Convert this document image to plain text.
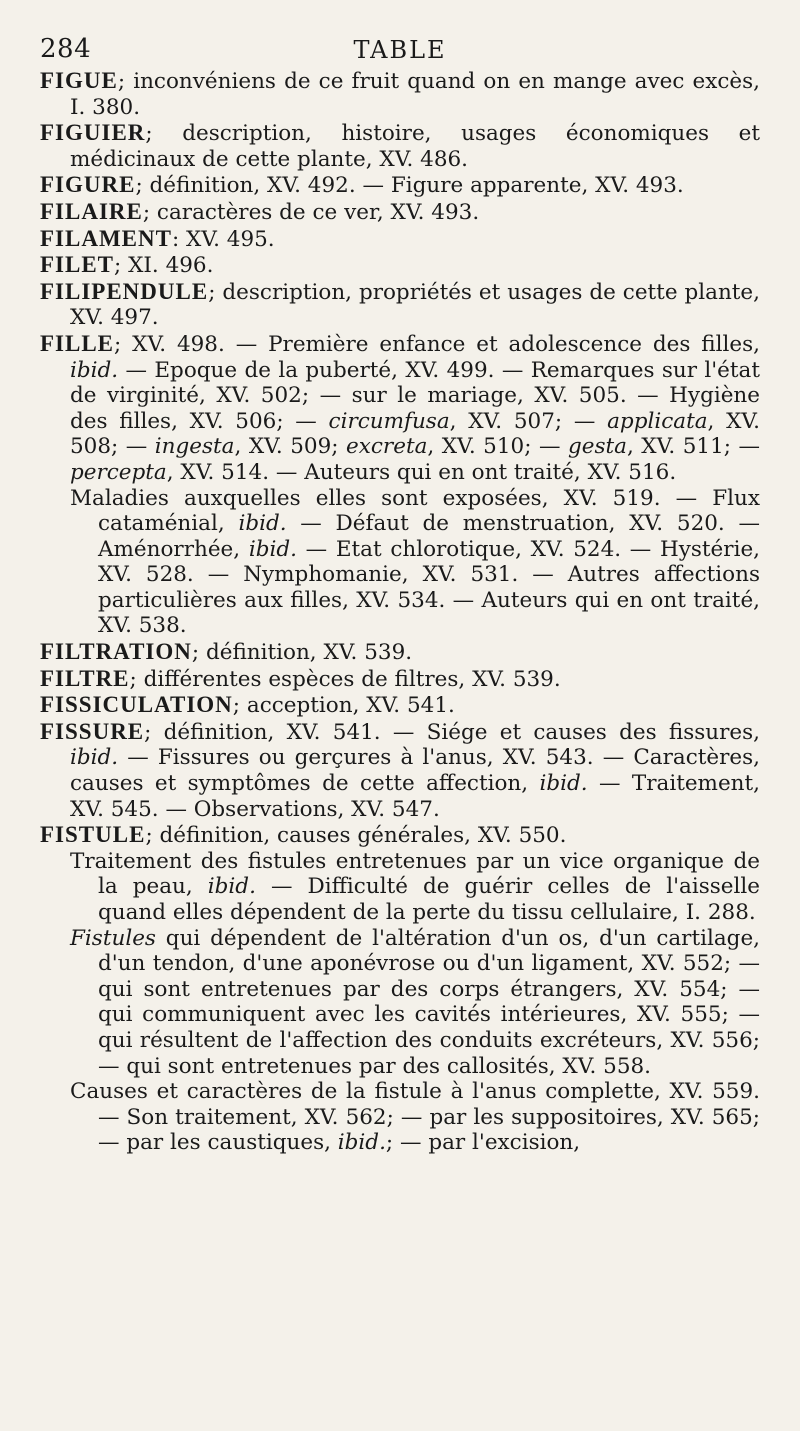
284	TABLE

FIGUE; inconvéniens de ce fruit quand on en mange avec excès, I. 380.

FIGUIER; description, histoire, usages économiques et médicinaux de cette plante, XV. 486.

FIGURE; définition, XV. 492. — Figure apparente, XV. 493.

FILAIRE; caractères de ce ver, XV. 493.

FILAMENT: XV. 495.

FILET; XI. 496.

FILIPENDULE; description, propriétés et usages de cette plante, XV. 497.

FILLE; XV. 498. — Première enfance et adolescence des filles, ibid. — Epoque de la puberté, XV. 499. — Remarques sur l'état de virginité, XV. 502; — sur le mariage, XV. 505. — Hygiène des filles, XV. 506; — circumfusa, XV. 507; — applicata, XV. 508; — ingesta, XV. 509; excreta, XV. 510; — gesta, XV. 511; — percepta, XV. 514. — Auteurs qui en ont traité, XV. 516.

Maladies auxquelles elles sont exposées, XV. 519. — Flux cataménial, ibid. — Défaut de menstruation, XV. 520. — Aménorrhée, ibid. — Etat chlorotique, XV. 524. — Hystérie, XV. 528. — Nymphomanie, XV. 531. — Autres affections particulières aux filles, XV. 534. — Auteurs qui en ont traité, XV. 538.

FILTRATION; définition, XV. 539.

FILTRE; différentes espèces de filtres, XV. 539.

FISSICULATION; acception, XV. 541.

FISSURE; définition, XV. 541. — Siége et causes des fissures, ibid. — Fissures ou gerçures à l'anus, XV. 543. — Caractères, causes et symptômes de cette affection, ibid. — Traitement, XV. 545. — Observations, XV. 547.

FISTULE; définition, causes générales, XV. 550.

Traitement des fistules entretenues par un vice organique de la peau, ibid. — Difficulté de guérir celles de l'aisselle quand elles dépendent de la perte du tissu cellulaire, I. 288.

Fistules qui dépendent de l'altération d'un os, d'un cartilage, d'un tendon, d'une aponévrose ou d'un ligament, XV. 552; — qui sont entretenues par des corps étrangers, XV. 554; — qui communiquent avec les cavités intérieures, XV. 555; — qui résultent de l'affection des conduits excréteurs, XV. 556; — qui sont entretenues par des callosités, XV. 558.

Causes et caractères de la fistule à l'anus complette, XV. 559. — Son traitement, XV. 562; — par les suppositoires, XV. 565; — par les caustiques, ibid.; — par l'excision,
